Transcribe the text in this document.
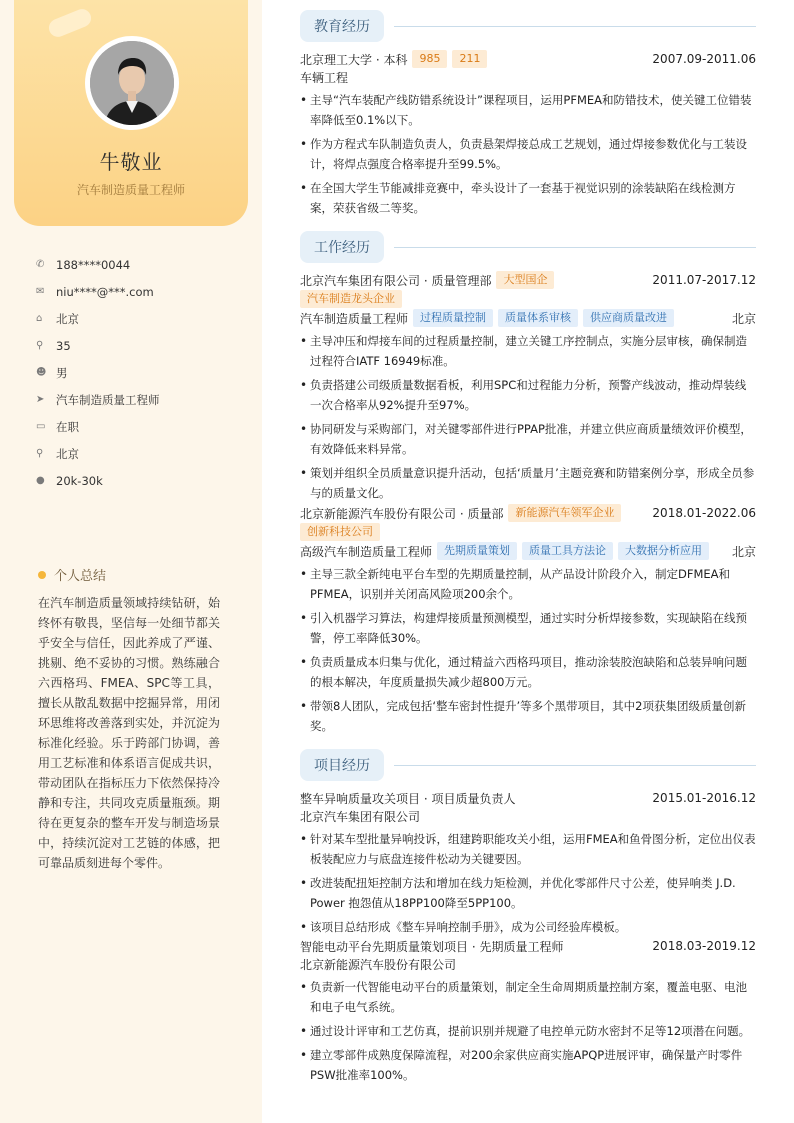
牛敬业
汽车制造质量工程师
✆	188****0044
✉	niu****@***.com
⌂	北京
⚲	35
☻ 男
➤	汽车制造质量工程师
▭ 在职
⚲	北京
● 20k-30k
个人总结
在汽车制造质量领域持续钻研，始终怀有敬畏，坚信每一处细节都关乎安全与信任，因此养成了严谨、挑剔、绝不妥协的习惯。熟练融合六西格玛、FMEA、SPC等工具，擅长从散乱数据中挖掘异常，用闭环思维将改善落到实处，并沉淀为标准化经验。乐于跨部门协调，善用工艺标准和体系语言促成共识，带动团队在指标压力下依然保持冷静和专注，共同攻克质量瓶颈。期待在更复杂的整车开发与制造场景中，持续沉淀对工艺链的体感，把可靠品质刻进每个零件。
教育经历
北京理工大学 · 本科	985	211	2007.09-2011.06
车辆工程
• 主导“汽车装配产线防错系统设计”课程项目，运用PFMEA和防错技术，使关键工位错装率降低至0.1%以下。
• 作为方程式车队制造负责人，负责悬架焊接总成工艺规划，通过焊接参数优化与工装设计，将焊点强度合格率提升至99.5%。
• 在全国大学生节能减排竞赛中，牵头设计了一套基于视觉识别的涂装缺陷在线检测方案，荣获省级二等奖。
工作经历
北京汽车集团有限公司 · 质量管理部	大型国企	2011.07-2017.12
汽车制造龙头企业
汽车制造质量工程师	过程质量控制	质量体系审核	供应商质量改进	北京
• 主导冲压和焊接车间的过程质量控制，建立关键工序控制点，实施分层审核，确保制造过程符合IATF 16949标准。
• 负责搭建公司级质量数据看板，利用SPC和过程能力分析，预警产线波动，推动焊装线一次合格率从92%提升至97%。
• 协同研发与采购部门，对关键零部件进行PPAP批准，并建立供应商质量绩效评价模型，有效降低来料异常。
• 策划并组织全员质量意识提升活动，包括‘质量月’主题竞赛和防错案例分享，形成全员参与的质量文化。
北京新能源汽车股份有限公司 · 质量部	新能源汽车领军企业	2018.01-2022.06
创新科技公司
高级汽车制造质量工程师	先期质量策划	质量工具方法论	大数据分析应用	北京
• 主导三款全新纯电平台车型的先期质量控制，从产品设计阶段介入，制定DFMEA和PFMEA，识别并关闭高风险项200余个。
• 引入机器学习算法，构建焊接质量预测模型，通过实时分析焊接参数，实现缺陷在线预警，停工率降低30%。
• 负责质量成本归集与优化，通过精益六西格玛项目，推动涂装胶泡缺陷和总装异响问题的根本解决，年度质量损失减少超800万元。
• 带领8人团队，完成包括‘整车密封性提升’等多个黑带项目，其中2项获集团级质量创新奖。
项目经历
整车异响质量攻关项目 · 项目质量负责人	2015.01-2016.12
北京汽车集团有限公司
• 针对某车型批量异响投诉，组建跨职能攻关小组，运用FMEA和鱼骨图分析，定位出仪表板装配应力与底盘连接件松动为关键要因。
• 改进装配扭矩控制方法和增加在线力矩检测，并优化零部件尺寸公差，使异响类 J.D. Power 抱怨值从18PP100降至5PP100。
• 该项目总结形成《整车异响控制手册》，成为公司经验库模板。
智能电动平台先期质量策划项目 · 先期质量工程师	2018.03-2019.12
北京新能源汽车股份有限公司
• 负责新一代智能电动平台的质量策划，制定全生命周期质量控制方案，覆盖电驱、电池和电子电气系统。
• 通过设计评审和工艺仿真，提前识别并规避了电控单元防水密封不足等12项潜在问题。
• 建立零部件成熟度保障流程，对200余家供应商实施APQP进展评审，确保量产时零件PSW批准率100%。
